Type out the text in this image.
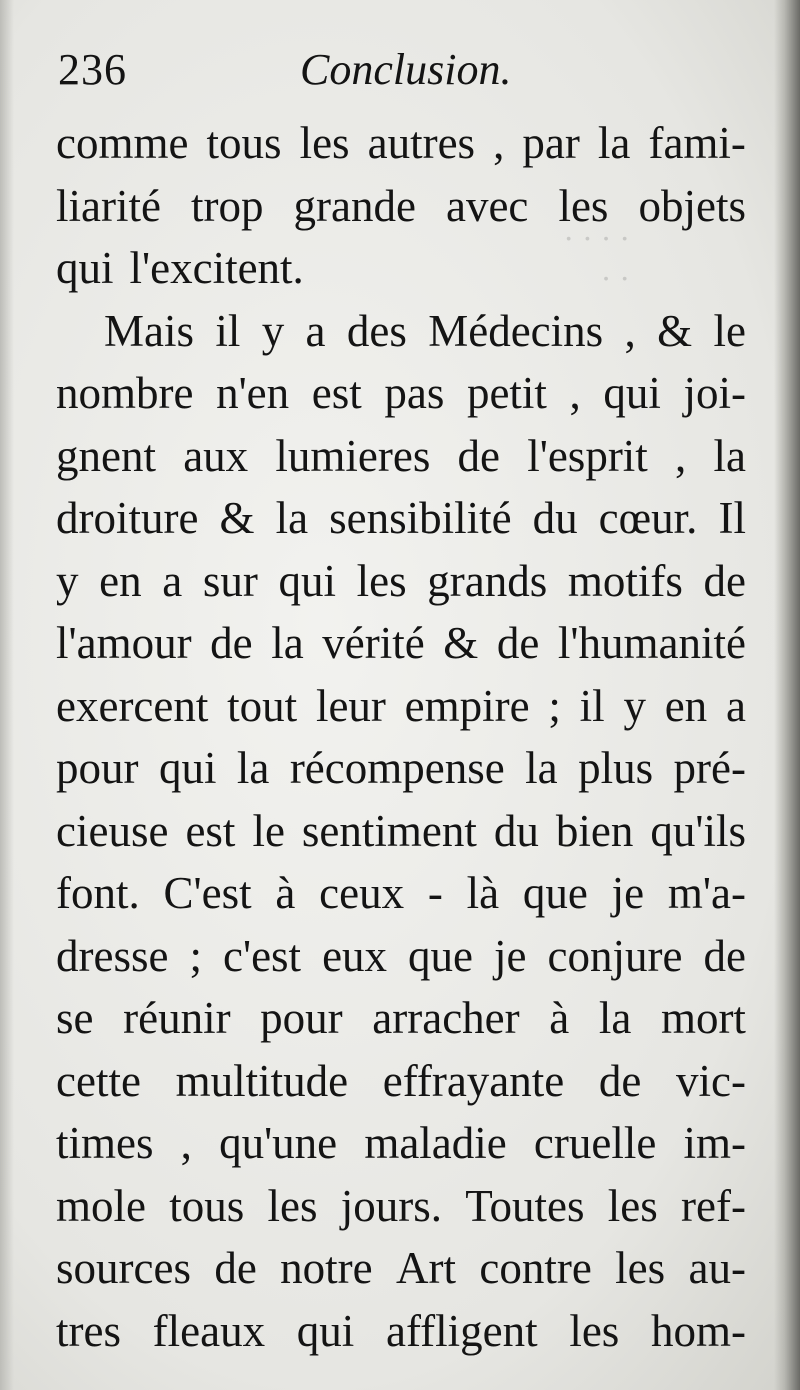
· · · ·
· ·
236	Conclusion.
comme tous les autres , par la fami-
liarité trop grande avec les objets
qui l'excitent.
Mais il y a des Médecins , & le
nombre n'en est pas petit , qui joi-
gnent aux lumieres de l'esprit , la
droiture & la sensibilité du cœur. Il
y en a sur qui les grands motifs de
l'amour de la vérité & de l'humanité
exercent tout leur empire ; il y en a
pour qui la récompense la plus pré-
cieuse est le sentiment du bien qu'ils
font. C'est à ceux - là que je m'a-
dresse ; c'est eux que je conjure de
se réunir pour arracher à la mort
cette multitude effrayante de vic-
times , qu'une maladie cruelle im-
mole tous les jours. Toutes les ref-
sources de notre Art contre les au-
tres fleaux qui affligent les hom-
